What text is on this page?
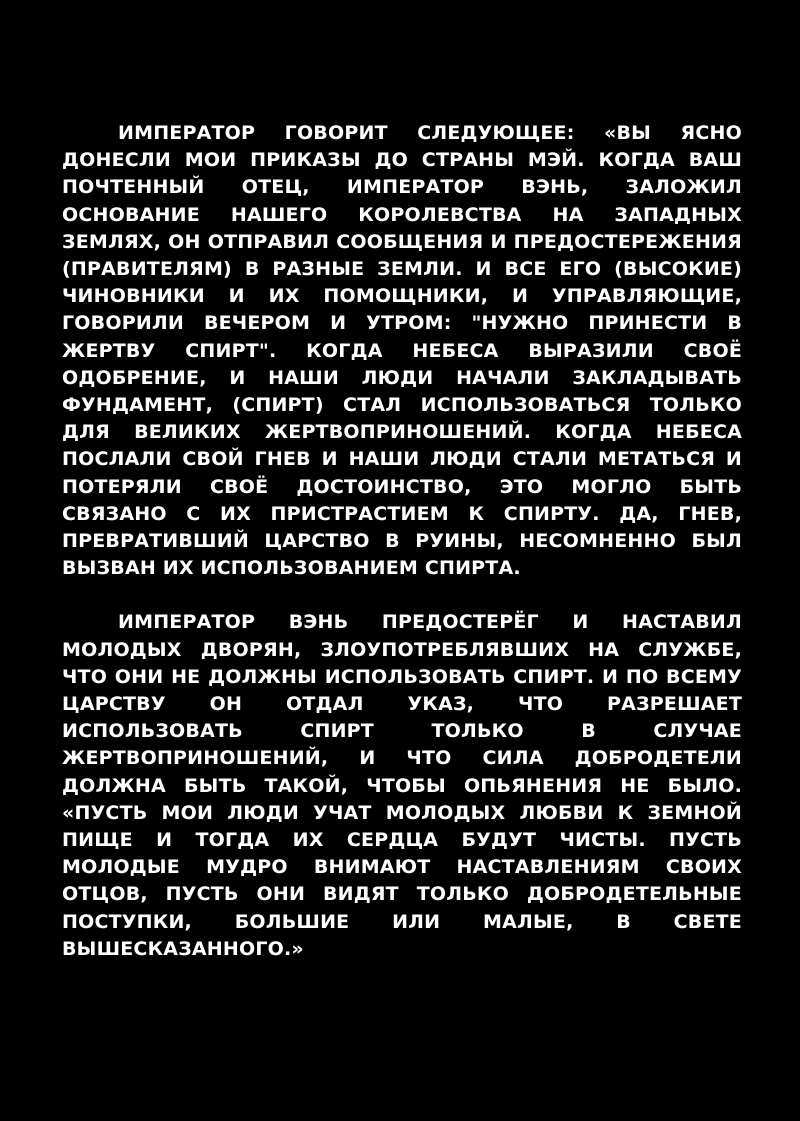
ИМПЕРАТОР ГОВОРИТ СЛЕДУЮЩЕЕ: «ВЫ ЯСНО ДОНЕСЛИ МОИ ПРИКАЗЫ ДО СТРАНЫ МЭЙ. КОГДА ВАШ ПОЧТЕННЫЙ ОТЕЦ, ИМПЕРАТОР ВЭНЬ, ЗАЛОЖИЛ ОСНОВАНИЕ НАШЕГО КОРОЛЕВСТВА НА ЗАПАДНЫХ ЗЕМЛЯХ, ОН ОТПРАВИЛ СООБЩЕНИЯ И ПРЕДОСТЕРЕЖЕНИЯ (ПРАВИТЕЛЯМ) В РАЗНЫЕ ЗЕМЛИ. И ВСЕ ЕГО (ВЫСОКИЕ) ЧИНОВНИКИ И ИХ ПОМОЩНИКИ, И УПРАВЛЯЮЩИЕ, ГОВОРИЛИ ВЕЧЕРОМ И УТРОМ: "НУЖНО ПРИНЕСТИ В ЖЕРТВУ СПИРТ". КОГДА НЕБЕСА ВЫРАЗИЛИ СВОЁ ОДОБРЕНИЕ, И НАШИ ЛЮДИ НАЧАЛИ ЗАКЛАДЫВАТЬ ФУНДАМЕНТ, (СПИРТ) СТАЛ ИСПОЛЬЗОВАТЬСЯ ТОЛЬКО ДЛЯ ВЕЛИКИХ ЖЕРТВОПРИНОШЕНИЙ. КОГДА НЕБЕСА ПОСЛАЛИ СВОЙ ГНЕВ И НАШИ ЛЮДИ СТАЛИ МЕТАТЬСЯ И ПОТЕРЯЛИ СВОЁ ДОСТОИНСТВО, ЭТО МОГЛО БЫТЬ СВЯЗАНО С ИХ ПРИСТРАСТИЕМ К СПИРТУ. ДА, ГНЕВ, ПРЕВРАТИВШИЙ ЦАРСТВО В РУИНЫ, НЕСОМНЕННО БЫЛ ВЫЗВАН ИХ ИСПОЛЬЗОВАНИЕМ СПИРТА.

ИМПЕРАТОР ВЭНЬ ПРЕДОСТЕРЁГ И НАСТАВИЛ МОЛОДЫХ ДВОРЯН, ЗЛОУПОТРЕБЛЯВШИХ НА СЛУЖБЕ, ЧТО ОНИ НЕ ДОЛЖНЫ ИСПОЛЬЗОВАТЬ СПИРТ. И ПО ВСЕМУ ЦАРСТВУ ОН ОТДАЛ УКАЗ, ЧТО РАЗРЕШАЕТ ИСПОЛЬЗОВАТЬ СПИРТ ТОЛЬКО В СЛУЧАЕ ЖЕРТВОПРИНОШЕНИЙ, И ЧТО СИЛА ДОБРОДЕТЕЛИ ДОЛЖНА БЫТЬ ТАКОЙ, ЧТОБЫ ОПЬЯНЕНИЯ НЕ БЫЛО. «ПУСТЬ МОИ ЛЮДИ УЧАТ МОЛОДЫХ ЛЮБВИ К ЗЕМНОЙ ПИЩЕ И ТОГДА ИХ СЕРДЦА БУДУТ ЧИСТЫ. ПУСТЬ МОЛОДЫЕ МУДРО ВНИМАЮТ НАСТАВЛЕНИЯМ СВОИХ ОТЦОВ, ПУСТЬ ОНИ ВИДЯТ ТОЛЬКО ДОБРОДЕТЕЛЬНЫЕ ПОСТУПКИ, БОЛЬШИЕ ИЛИ МАЛЫЕ, В СВЕТЕ ВЫШЕСКАЗАННОГО.»
